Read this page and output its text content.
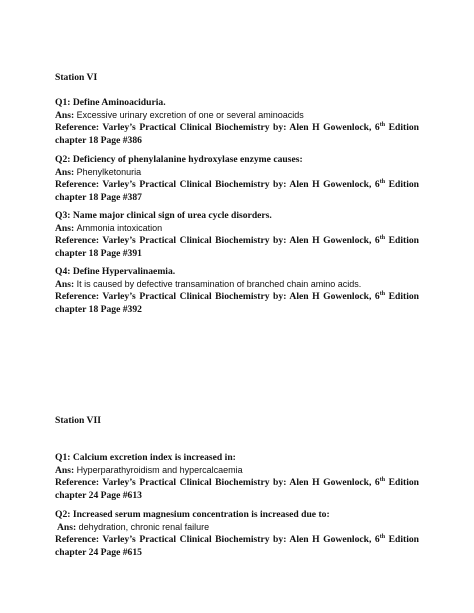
Station VI

Q1: Define Aminoaciduria.

Ans: Excessive urinary excretion of one or several aminoacids

Reference: Varley’s Practical Clinical Biochemistry by: Alen H Gowenlock, 6th Edition chapter 18 Page #386

Q2: Deficiency of phenylalanine hydroxylase enzyme causes:

Ans: Phenylketonuria

Reference: Varley’s Practical Clinical Biochemistry by: Alen H Gowenlock, 6th Edition chapter 18 Page #387

Q3: Name major clinical sign of urea cycle disorders.

Ans: Ammonia intoxication

Reference: Varley’s Practical Clinical Biochemistry by: Alen H Gowenlock, 6th Edition chapter 18 Page #391

Q4: Define Hypervalinaemia.

Ans: It is caused by defective transamination of branched chain amino acids.

Reference: Varley’s Practical Clinical Biochemistry by: Alen H Gowenlock, 6th Edition chapter 18 Page #392

Station VII

Q1: Calcium excretion index is increased in:

Ans: Hyperparathyroidism and hypercalcaemia

Reference: Varley’s Practical Clinical Biochemistry by: Alen H Gowenlock, 6th Edition chapter 24 Page #613

Q2: Increased serum magnesium concentration is increased due to:

Ans: dehydration, chronic renal failure

Reference: Varley’s Practical Clinical Biochemistry by: Alen H Gowenlock, 6th Edition chapter 24 Page #615
